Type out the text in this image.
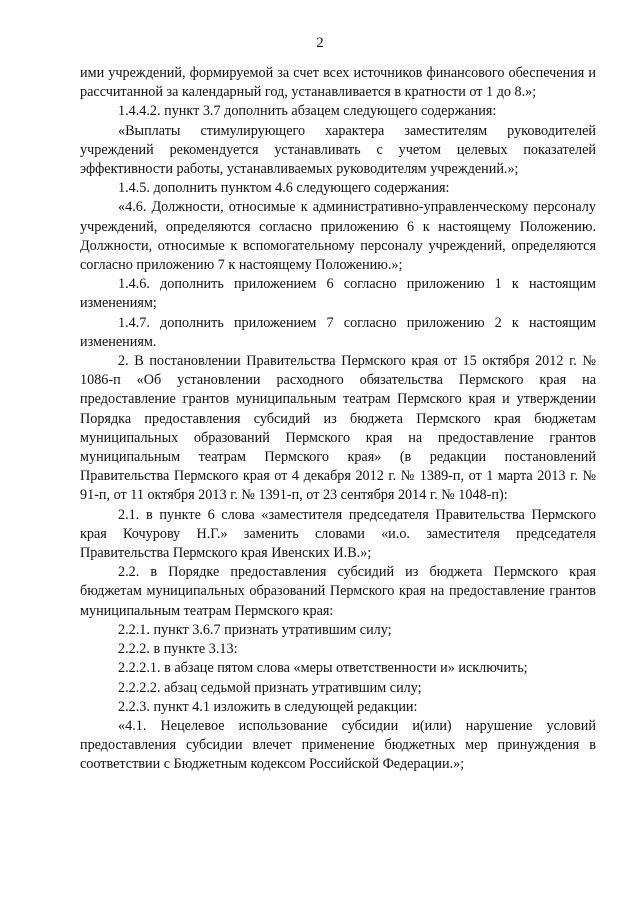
2

ими учреждений, формируемой за счет всех источников финансового обеспечения и рассчитанной за календарный год, устанавливается в кратности от 1 до 8.»;

1.4.4.2. пункт 3.7 дополнить абзацем следующего содержания:

«Выплаты стимулирующего характера заместителям руководителей учреждений рекомендуется устанавливать с учетом целевых показателей эффективности работы, устанавливаемых руководителям учреждений.»;

1.4.5. дополнить пунктом 4.6 следующего содержания:

«4.6. Должности, относимые к административно-управленческому персоналу учреждений, определяются согласно приложению 6 к настоящему Положению. Должности, относимые к вспомогательному персоналу учреждений, определяются согласно приложению 7 к настоящему Положению.»;

1.4.6. дополнить приложением 6 согласно приложению 1 к настоящим изменениям;

1.4.7. дополнить приложением 7 согласно приложению 2 к настоящим изменениям.

2. В постановлении Правительства Пермского края от 15 октября 2012 г. № 1086-п «Об установлении расходного обязательства Пермского края на предоставление грантов муниципальным театрам Пермского края и утверждении Порядка предоставления субсидий из бюджета Пермского края бюджетам муниципальных образований Пермского края на предоставление грантов муниципальным театрам Пермского края» (в редакции постановлений Правительства Пермского края от 4 декабря 2012 г. № 1389-п, от 1 марта 2013 г. № 91-п, от 11 октября 2013 г. № 1391-п, от 23 сентября 2014 г. № 1048-п):

2.1. в пункте 6 слова «заместителя председателя Правительства Пермского края Кочурову Н.Г.» заменить словами «и.о. заместителя председателя Правительства Пермского края Ивенских И.В.»;

2.2. в Порядке предоставления субсидий из бюджета Пермского края бюджетам муниципальных образований Пермского края на предоставление грантов муниципальным театрам Пермского края:

2.2.1. пункт 3.6.7 признать утратившим силу;

2.2.2. в пункте 3.13:

2.2.2.1. в абзаце пятом слова «меры ответственности и» исключить;

2.2.2.2. абзац седьмой признать утратившим силу;

2.2.3. пункт 4.1 изложить в следующей редакции:

«4.1. Нецелевое использование субсидии и(или) нарушение условий предоставления субсидии влечет применение бюджетных мер принуждения в соответствии с Бюджетным кодексом Российской Федерации.»;
